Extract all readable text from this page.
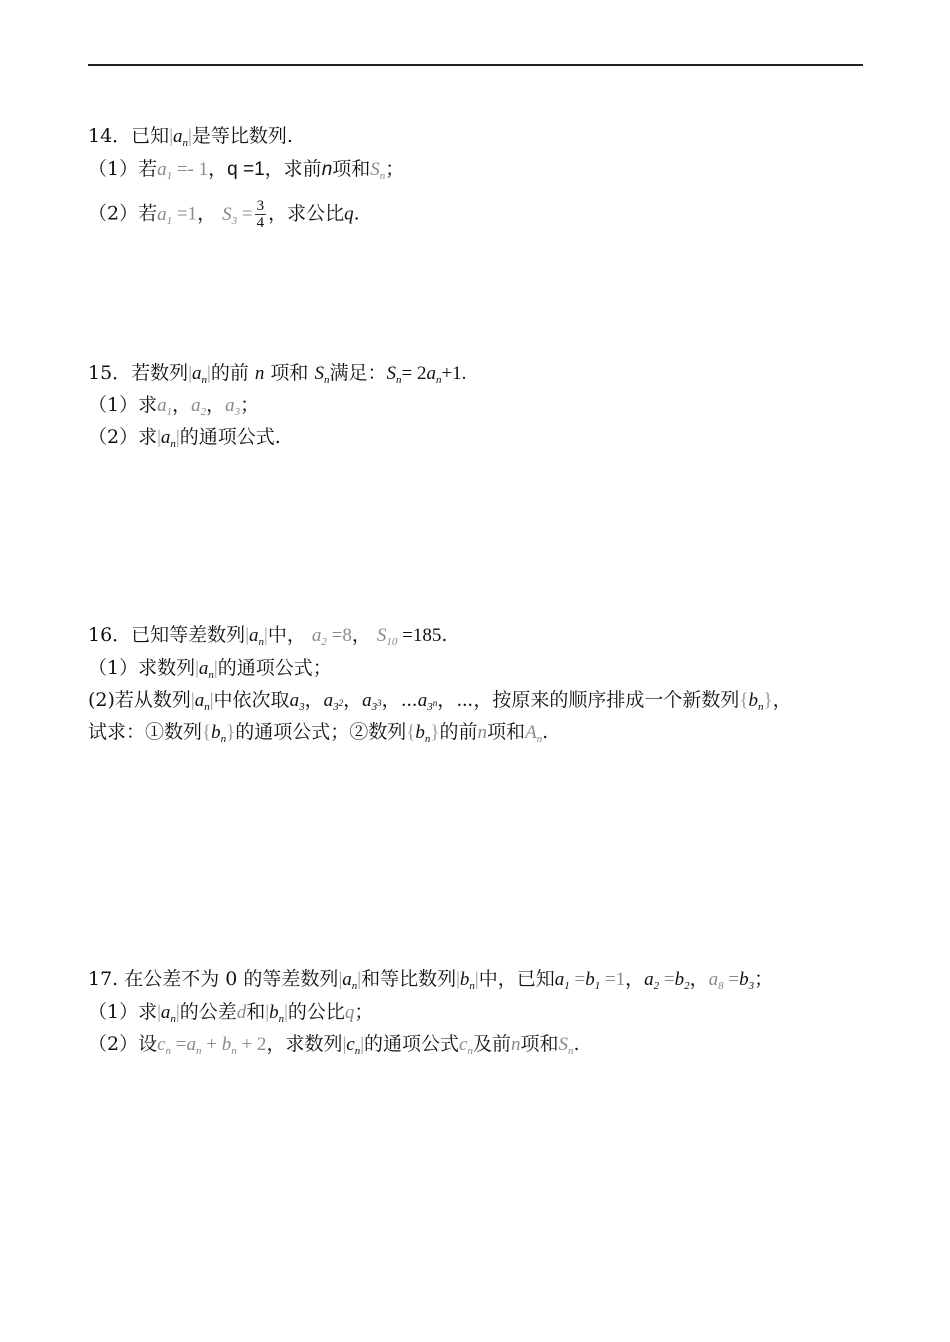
14．已知$|a_n|$是等比数列.
（1）若$a_1 =- 1$，q =1，求前n项和$S_n$；
（2）若$a_1 =1$， $S_3 = \frac{3}{4}$ ，求公比q.
15．若数列$|a_n|$的前 n 项和 $S_n$满足：$S_n= 2a_n+1$.
（1）求$a_1$，$a_2$，$a_3$；
（2）求$|a_n|$的通项公式.
16．已知等差数列$|a_n|$中， $a_2 =8$， $S_{10} =185$.
（1）求数列$|a_n|$的通项公式；
(2)若从数列$|a_n|$中依次取$a_3$，$a_{3^2}$，$a_{3^3}$，$\cdots a_{3^n}$，⋯，按原来的顺序排成一个新数列$\{b_n\}$，
试求：①数列$\{b_n\}$的通项公式；②数列$\{b_n\}$的前n项和$A_n$.
17. 在公差不为 0 的等差数列$|a_n|$和等比数列$|b_n|$中，已知$a_1 =b_1 =1$，$a_2 =b_2$，$a_8 =b_3$；
（1）求$|a_n|$的公差d和$|b_n|$的公比q；
（2）设$c_n =a_n + b_n + 2$，求数列$|c_n|$的通项公式$c_n$及前n项和$S_n$.
